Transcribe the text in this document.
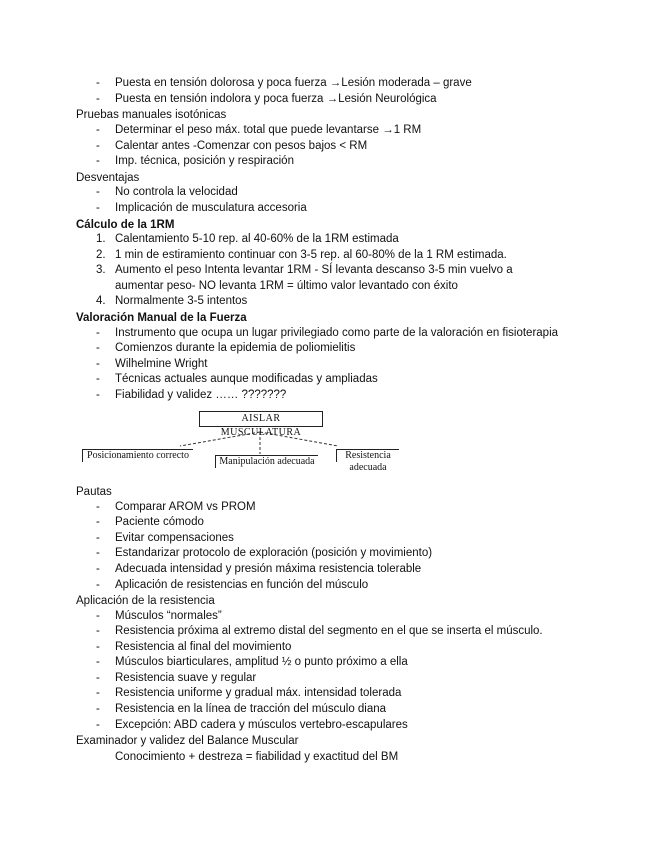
- Puesta en tensión dolorosa y poca fuerza →Lesión moderada – grave
- Puesta en tensión indolora y poca fuerza →Lesión Neurológica
Pruebas manuales isotónicas
- Determinar el peso máx. total que puede levantarse →1 RM
- Calentar antes -Comenzar con pesos bajos < RM
- Imp. técnica, posición y respiración
Desventajas
- No controla la velocidad
- Implicación de musculatura accesoria
Cálculo de la 1RM
1. Calentamiento 5-10 rep. al 40-60% de la 1RM estimada
2. 1 min de estiramiento continuar con 3-5 rep. al 60-80% de la 1 RM estimada.
3. Aumento el peso Intenta levantar 1RM - SÍ levanta descanso 3-5 min vuelvo a
aumentar peso- NO levanta 1RM = último valor levantado con éxito
4. Normalmente 3-5 intentos
Valoración Manual de la Fuerza
- Instrumento que ocupa un lugar privilegiado como parte de la valoración en fisioterapia
- Comienzos durante la epidemia de poliomielitis
- Wilhelmine Wright
- Técnicas actuales aunque modificadas y ampliadas
- Fiabilidad y validez …… ???????
AISLAR MUSCULATURA
Posicionamiento correcto
Manipulación adecuada
Resistencia adecuada
Pautas
- Comparar AROM vs PROM
- Paciente cómodo
- Evitar compensaciones
- Estandarizar protocolo de exploración (posición y movimiento)
- Adecuada intensidad y presión máxima resistencia tolerable
- Aplicación de resistencias en función del músculo
Aplicación de la resistencia
- Músculos “normales”
- Resistencia próxima al extremo distal del segmento en el que se inserta el músculo.
- Resistencia al final del movimiento
- Músculos biarticulares, amplitud ½ o punto próximo a ella
- Resistencia suave y regular
- Resistencia uniforme y gradual máx. intensidad tolerada
- Resistencia en la línea de tracción del músculo diana
- Excepción: ABD cadera y músculos vertebro-escapulares
Examinador y validez del Balance Muscular
Conocimiento + destreza = fiabilidad y exactitud del BM
